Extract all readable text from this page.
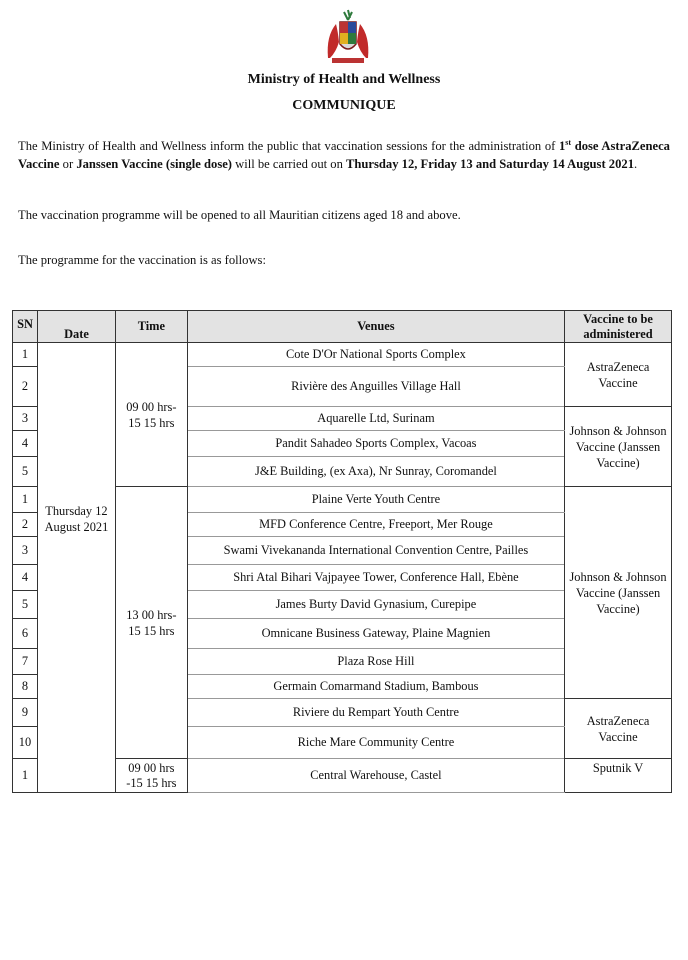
Ministry of Health and Wellness
COMMUNIQUE
The Ministry of Health and Wellness inform the public that vaccination sessions for the administration of 1st dose AstraZeneca Vaccine or Janssen Vaccine (single dose) will be carried out on Thursday 12, Friday 13 and Saturday 14 August 2021.
The vaccination programme will be opened to all Mauritian citizens aged 18 and above.
The programme for the vaccination is as follows:
SN	Date	Time	Venues	Vaccine to be administered
1	Thursday 12 August 2021	09 00 hrs- 15 15 hrs	Cote D'Or National Sports Complex	AstraZeneca Vaccine
2			Rivière des Anguilles Village Hall	
3			Aquarelle Ltd, Surinam	Johnson & Johnson Vaccine (Janssen Vaccine)
4			Pandit Sahadeo Sports Complex, Vacoas	
5			J&E Building, (ex Axa), Nr Sunray, Coromandel	
1		13 00 hrs- 15 15 hrs	Plaine Verte Youth Centre	Johnson & Johnson Vaccine (Janssen Vaccine)
2			MFD Conference Centre, Freeport, Mer Rouge	
3			Swami Vivekananda International Convention Centre, Pailles	
4			Shri Atal Bihari Vajpayee Tower, Conference Hall, Ebène	
5			James Burty David Gynasium, Curepipe	
6			Omnicane Business Gateway, Plaine Magnien	
7			Plaza Rose Hill	
8			Germain Comarmand Stadium, Bambous	
9			Riviere du Rempart Youth Centre	AstraZeneca Vaccine
10			Riche Mare Community Centre	
1		09 00 hrs -15 15 hrs	Central Warehouse, Castel	Sputnik V
